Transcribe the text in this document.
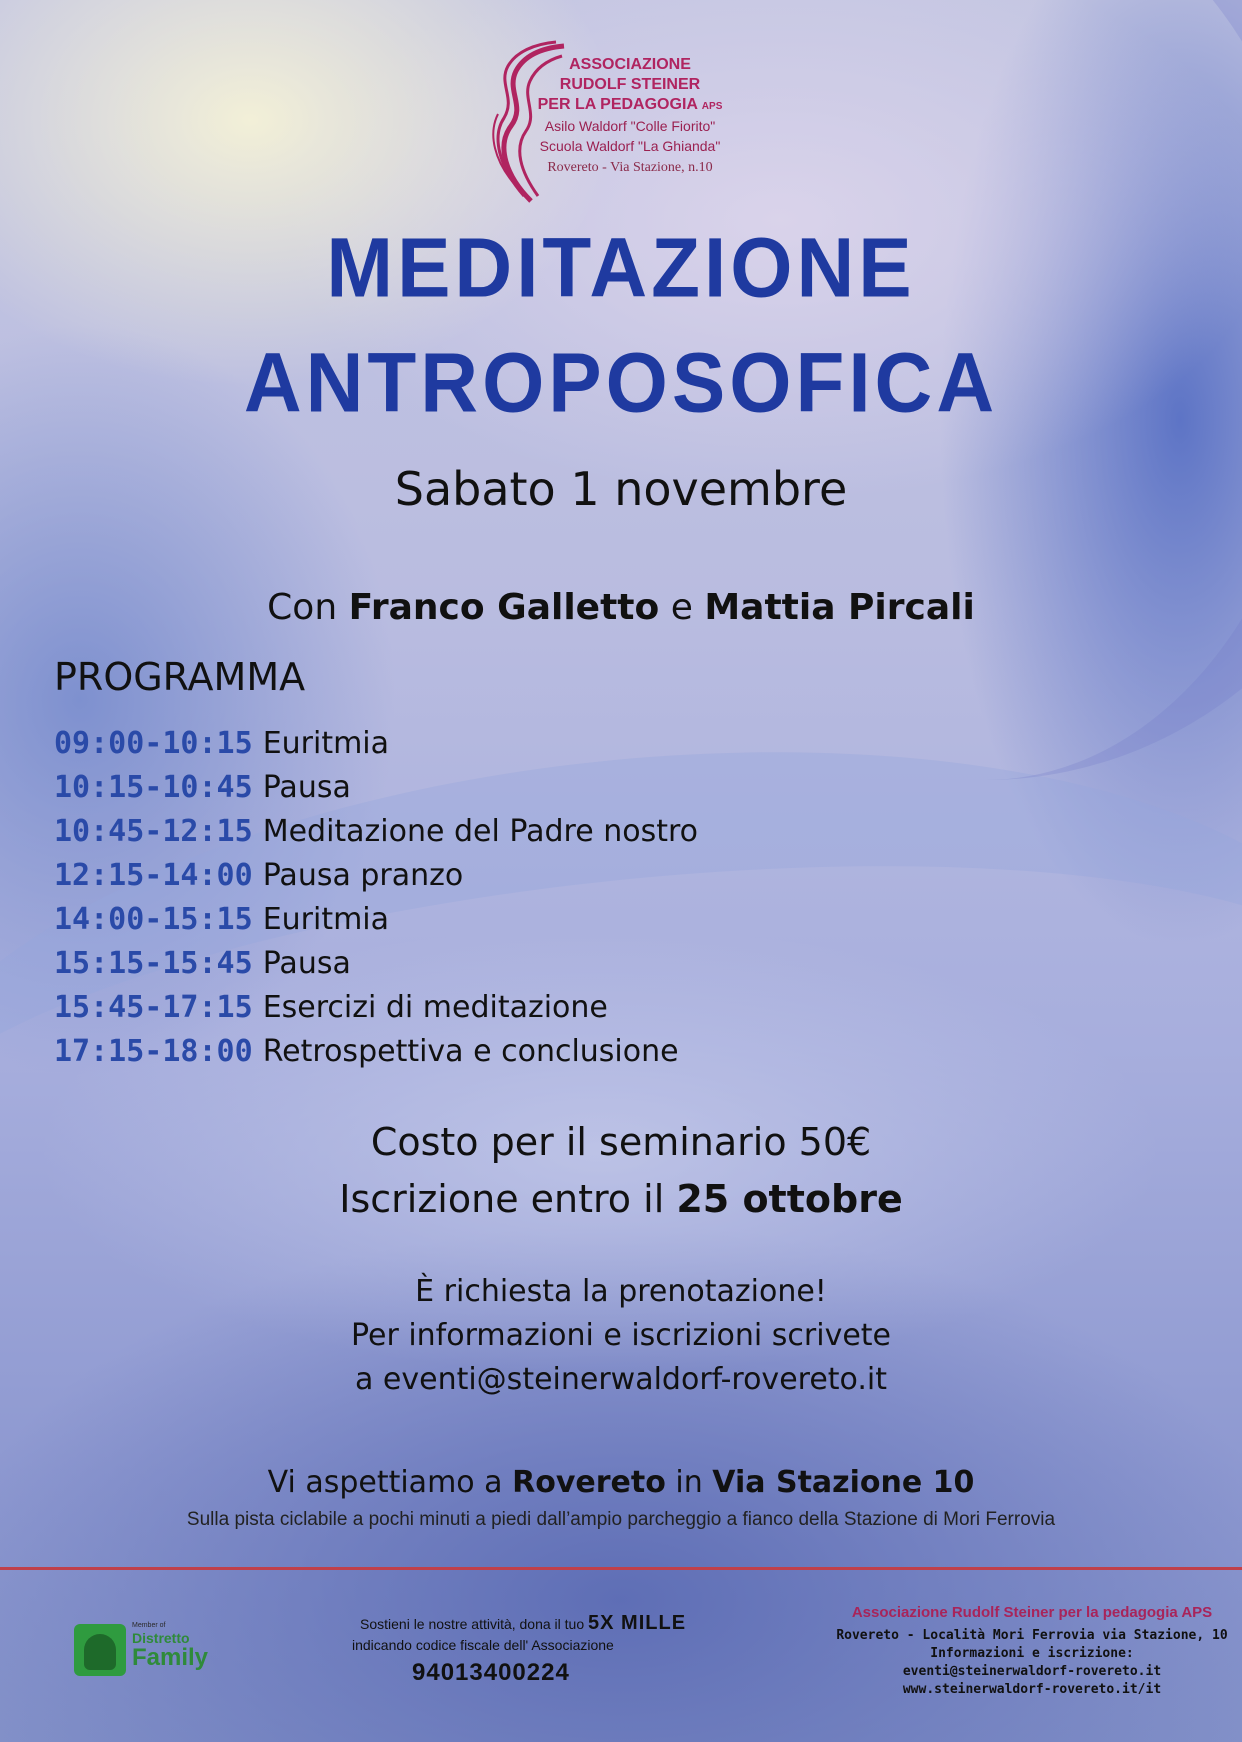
ASSOCIAZIONE
RUDOLF STEINER
PER LA PEDAGOGIA APS
Asilo Waldorf "Colle Fiorito"
Scuola Waldorf "La Ghianda"
Rovereto - Via Stazione, n.10
MEDITAZIONE
ANTROPOSOFICA
Sabato 1 novembre
Con Franco Galletto e Mattia Pircali
PROGRAMMA
09:00-10:15 Euritmia
10:15-10:45 Pausa
10:45-12:15 Meditazione del Padre nostro
12:15-14:00 Pausa pranzo
14:00-15:15 Euritmia
15:15-15:45 Pausa
15:45-17:15 Esercizi di meditazione
17:15-18:00 Retrospettiva e conclusione
Costo per il seminario 50€
Iscrizione entro il 25 ottobre
È richiesta la prenotazione!
Per informazioni e iscrizioni scrivete
a eventi@steinerwaldorf-rovereto.it
Vi aspettiamo a Rovereto in Via Stazione 10
Sulla pista ciclabile a pochi minuti a piedi dall’ampio parcheggio a fianco della Stazione di Mori Ferrovia
Member of
Distretto
Family
Sostieni le nostre attività, dona il tuo 5X MILLE
indicando codice fiscale dell' Associazione
94013400224
Associazione Rudolf Steiner per la pedagogia APS
Rovereto - Località Mori Ferrovia via Stazione, 10
Informazioni e iscrizione:
eventi@steinerwaldorf-rovereto.it
www.steinerwaldorf-rovereto.it/it
